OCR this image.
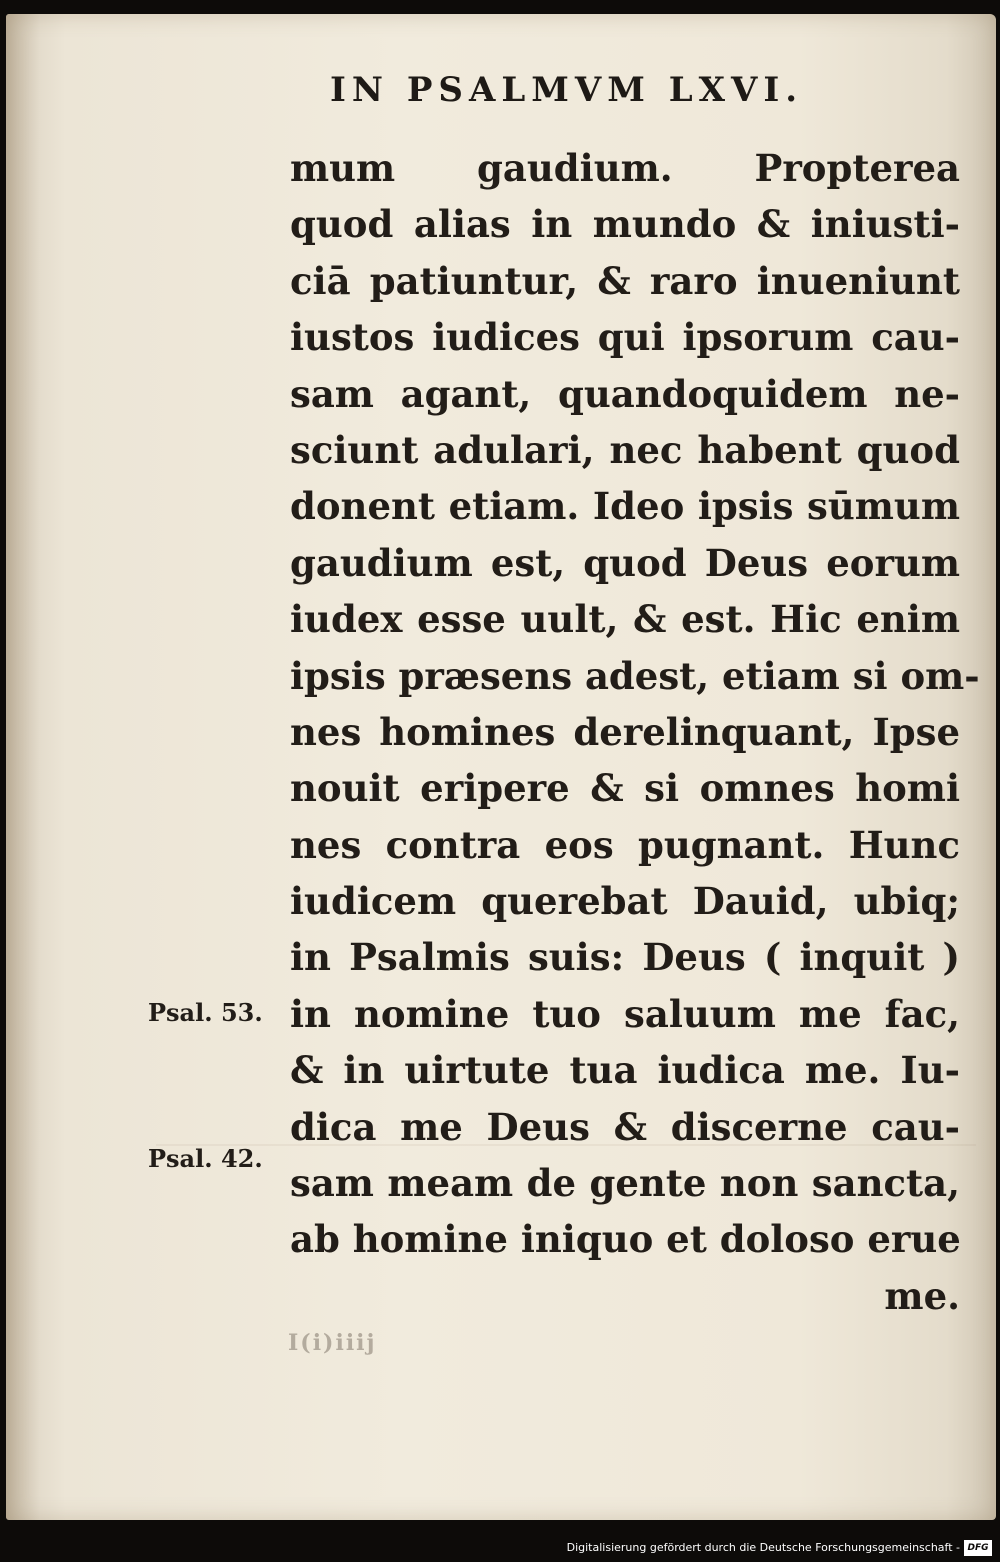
IN PSALMVM LXVI.
mum gaudium. Propterea
quod alias in mundo & iniusti-
ciā patiuntur, & raro inueniunt
iustos iudices qui ipsorum cau-
sam agant, quandoquidem ne-
sciunt adulari, nec habent quod
donent etiam. Ideo ipsis sūmum
gaudium est, quod Deus eorum
iudex esse uult, & est. Hic enim
ipsis præsens adest, etiam si om-
nes homines derelinquant, Ipse
nouit eripere & si omnes homi
nes contra eos pugnant. Hunc
iudicem querebat Dauid, ubiq;
in Psalmis suis: Deus ( inquit )
in nomine tuo saluum me fac,
& in uirtute tua iudica me. Iu-
dica me Deus & discerne cau-
sam meam de gente non sancta,
ab homine iniquo et doloso erue
me.
Psal. 53.
Psal. 42.
I(i)iiij
Digitalisierung gefördert durch die Deutsche Forschungsgemeinschaft - DFG
